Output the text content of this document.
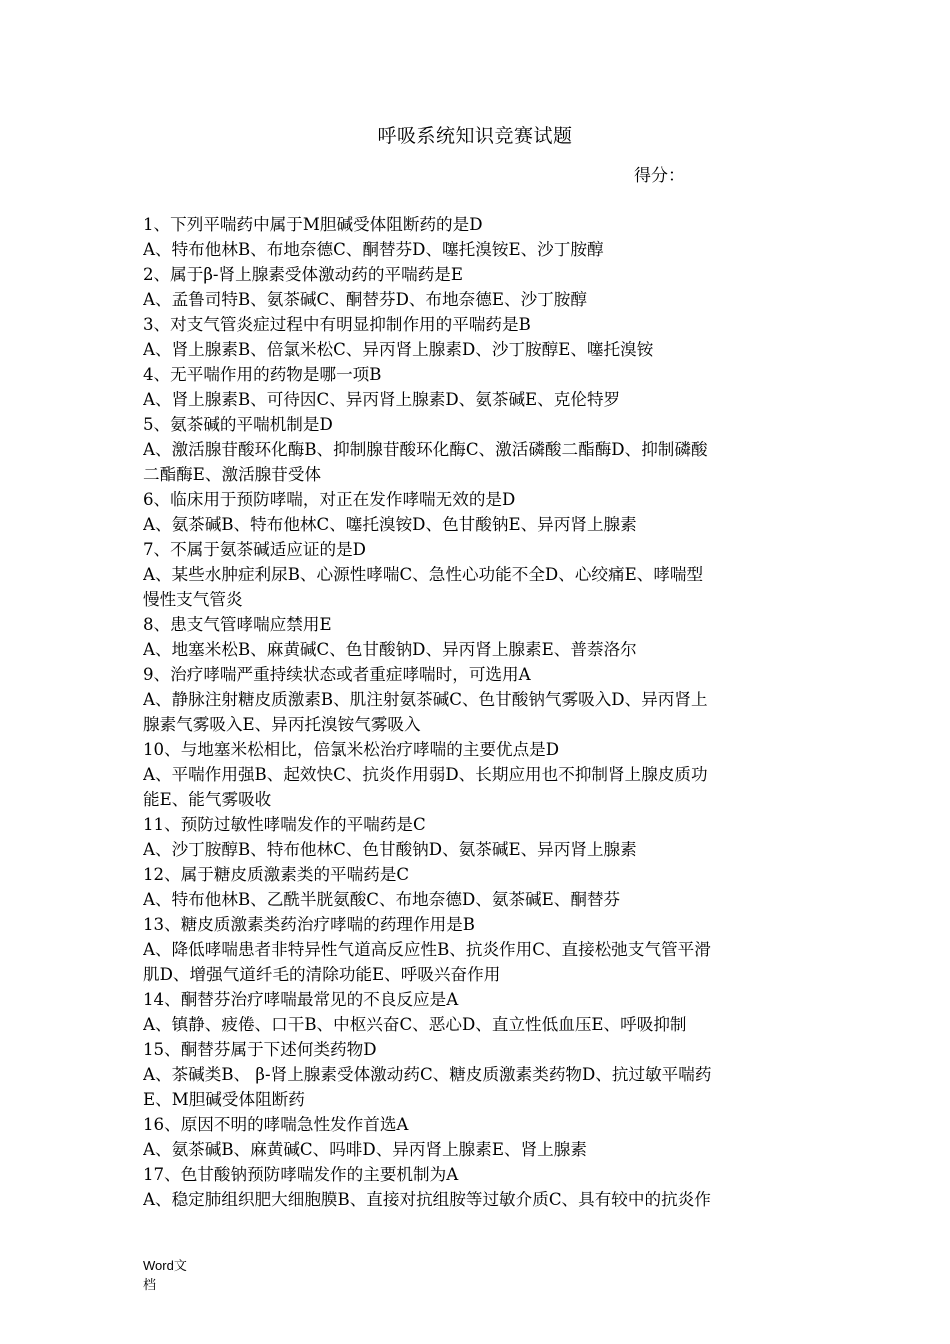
呼吸系统知识竞赛试题
得分：
1、下列平喘药中属于M胆碱受体阻断药的是D
A、特布他林B、布地奈德C、酮替芬D、噻托溴铵E、沙丁胺醇
2、属于β-肾上腺素受体激动药的平喘药是E
A、孟鲁司特B、氨茶碱C、酮替芬D、布地奈德E、沙丁胺醇
3、对支气管炎症过程中有明显抑制作用的平喘药是B
A、肾上腺素B、倍氯米松C、异丙肾上腺素D、沙丁胺醇E、噻托溴铵
4、无平喘作用的药物是哪一项B
A、肾上腺素B、可待因C、异丙肾上腺素D、氨茶碱E、克伦特罗
5、氨茶碱的平喘机制是D
A、激活腺苷酸环化酶B、抑制腺苷酸环化酶C、激活磷酸二酯酶D、抑制磷酸
二酯酶E、激活腺苷受体
6、临床用于预防哮喘，对正在发作哮喘无效的是D
A、氨茶碱B、特布他林C、噻托溴铵D、色甘酸钠E、异丙肾上腺素
7、不属于氨茶碱适应证的是D
A、某些水肿症利尿B、心源性哮喘C、急性心功能不全D、心绞痛E、哮喘型
慢性支气管炎
8、患支气管哮喘应禁用E
A、地塞米松B、麻黄碱C、色甘酸钠D、异丙肾上腺素E、普萘洛尔
9、治疗哮喘严重持续状态或者重症哮喘时，可选用A
A、静脉注射糖皮质激素B、肌注射氨茶碱C、色甘酸钠气雾吸入D、异丙肾上
腺素气雾吸入E、异丙托溴铵气雾吸入
10、与地塞米松相比，倍氯米松治疗哮喘的主要优点是D
A、平喘作用强B、起效快C、抗炎作用弱D、长期应用也不抑制肾上腺皮质功
能E、能气雾吸收
11、预防过敏性哮喘发作的平喘药是C
A、沙丁胺醇B、特布他林C、色甘酸钠D、氨茶碱E、异丙肾上腺素
12、属于糖皮质激素类的平喘药是C
A、特布他林B、乙酰半胱氨酸C、布地奈德D、氨茶碱E、酮替芬
13、糖皮质激素类药治疗哮喘的药理作用是B
A、降低哮喘患者非特异性气道高反应性B、抗炎作用C、直接松弛支气管平滑
肌D、增强气道纤毛的清除功能E、呼吸兴奋作用
14、酮替芬治疗哮喘最常见的不良反应是A
A、镇静、疲倦、口干B、中枢兴奋C、恶心D、直立性低血压E、呼吸抑制
15、酮替芬属于下述何类药物D
A、茶碱类B、 β-肾上腺素受体激动药C、糖皮质激素类药物D、抗过敏平喘药
E、M胆碱受体阻断药
16、原因不明的哮喘急性发作首选A
A、氨茶碱B、麻黄碱C、吗啡D、异丙肾上腺素E、肾上腺素
17、色甘酸钠预防哮喘发作的主要机制为A
A、稳定肺组织肥大细胞膜B、直接对抗组胺等过敏介质C、具有较中的抗炎作
Word文
档
